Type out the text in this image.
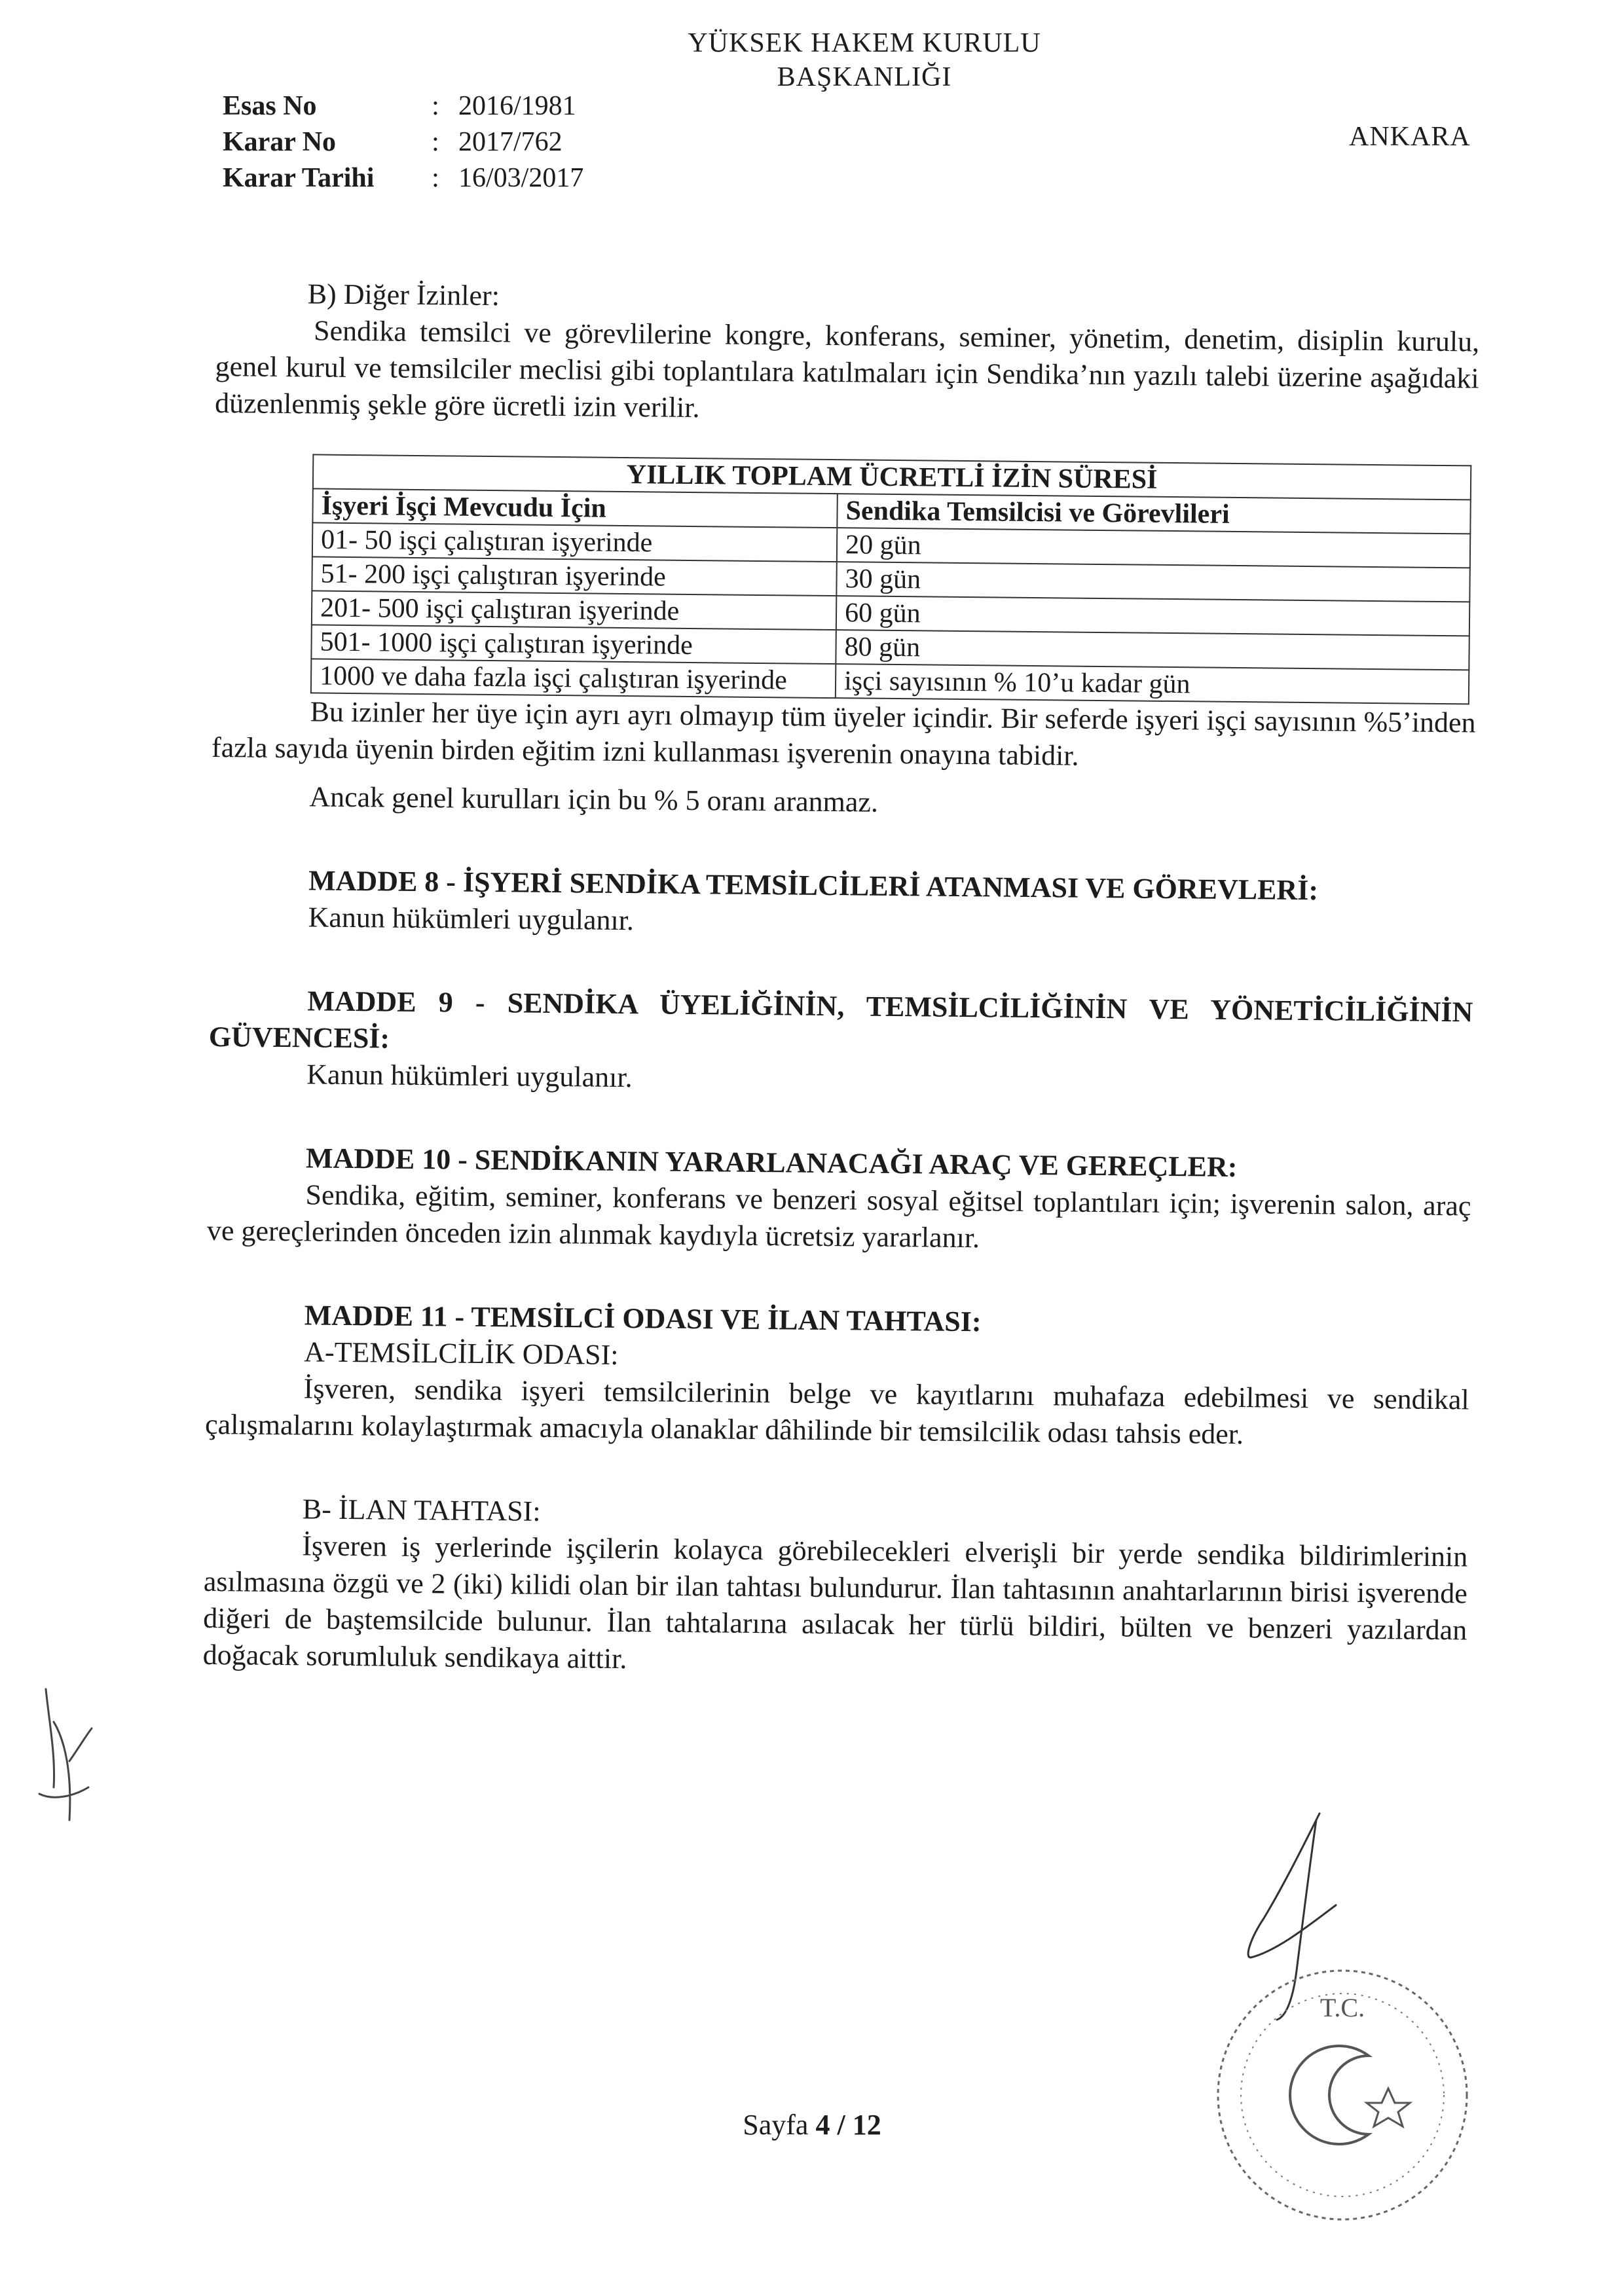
YÜKSEK HAKEM KURULU
BAŞKANLIĞI
Esas No	: 2016/1981
Karar No	: 2017/762
Karar Tarihi	: 16/03/2017
ANKARA

B) Diğer İzinler:

Sendika temsilci ve görevlilerine kongre, konferans, seminer, yönetim, denetim, disiplin kurulu, genel kurul ve temsilciler meclisi gibi toplantılara katılmaları için Sendika’nın yazılı talebi üzerine aşağıdaki düzenlenmiş şekle göre ücretli izin verilir.

YILLIK TOPLAM ÜCRETLİ İZİN SÜRESİ	
İşyeri İşçi Mevcudu İçin	Sendika Temsilcisi ve Görevlileri
01- 50 işçi çalıştıran işyerinde	20 gün
51- 200 işçi çalıştıran işyerinde	30 gün
201- 500 işçi çalıştıran işyerinde	60 gün
501- 1000 işçi çalıştıran işyerinde	80 gün
1000 ve daha fazla işçi çalıştıran işyerinde	işçi sayısının % 10’u kadar gün

Bu izinler her üye için ayrı ayrı olmayıp tüm üyeler içindir. Bir seferde işyeri işçi sayısının %5’inden fazla sayıda üyenin birden eğitim izni kullanması işverenin onayına tabidir.

Ancak genel kurulları için bu % 5 oranı aranmaz.

MADDE 8 - İŞYERİ SENDİKA TEMSİLCİLERİ ATANMASI VE GÖREVLERİ:

Kanun hükümleri uygulanır.

MADDE 9 - SENDİKA ÜYELİĞİNİN, TEMSİLCİLİĞİNİN VE YÖNETİCİLİĞİNİN GÜVENCESİ:

Kanun hükümleri uygulanır.

MADDE 10 - SENDİKANIN YARARLANACAĞI ARAÇ VE GEREÇLER:

Sendika, eğitim, seminer, konferans ve benzeri sosyal eğitsel toplantıları için; işverenin salon, araç ve gereçlerinden önceden izin alınmak kaydıyla ücretsiz yararlanır.

MADDE 11 - TEMSİLCİ ODASI VE İLAN TAHTASI:

A-TEMSİLCİLİK ODASI:

İşveren, sendika işyeri temsilcilerinin belge ve kayıtlarını muhafaza edebilmesi ve sendikal çalışmalarını kolaylaştırmak amacıyla olanaklar dâhilinde bir temsilcilik odası tahsis eder.

B- İLAN TAHTASI:

İşveren iş yerlerinde işçilerin kolayca görebilecekleri elverişli bir yerde sendika bildirimlerinin asılmasına özgü ve 2 (iki) kilidi olan bir ilan tahtası bulundurur. İlan tahtasının anahtarlarının birisi işverende diğeri de baştemsilcide bulunur. İlan tahtalarına asılacak her türlü bildiri, bülten ve benzeri yazılardan doğacak sorumluluk sendikaya aittir.

Sayfa 4 / 12
T.C.
